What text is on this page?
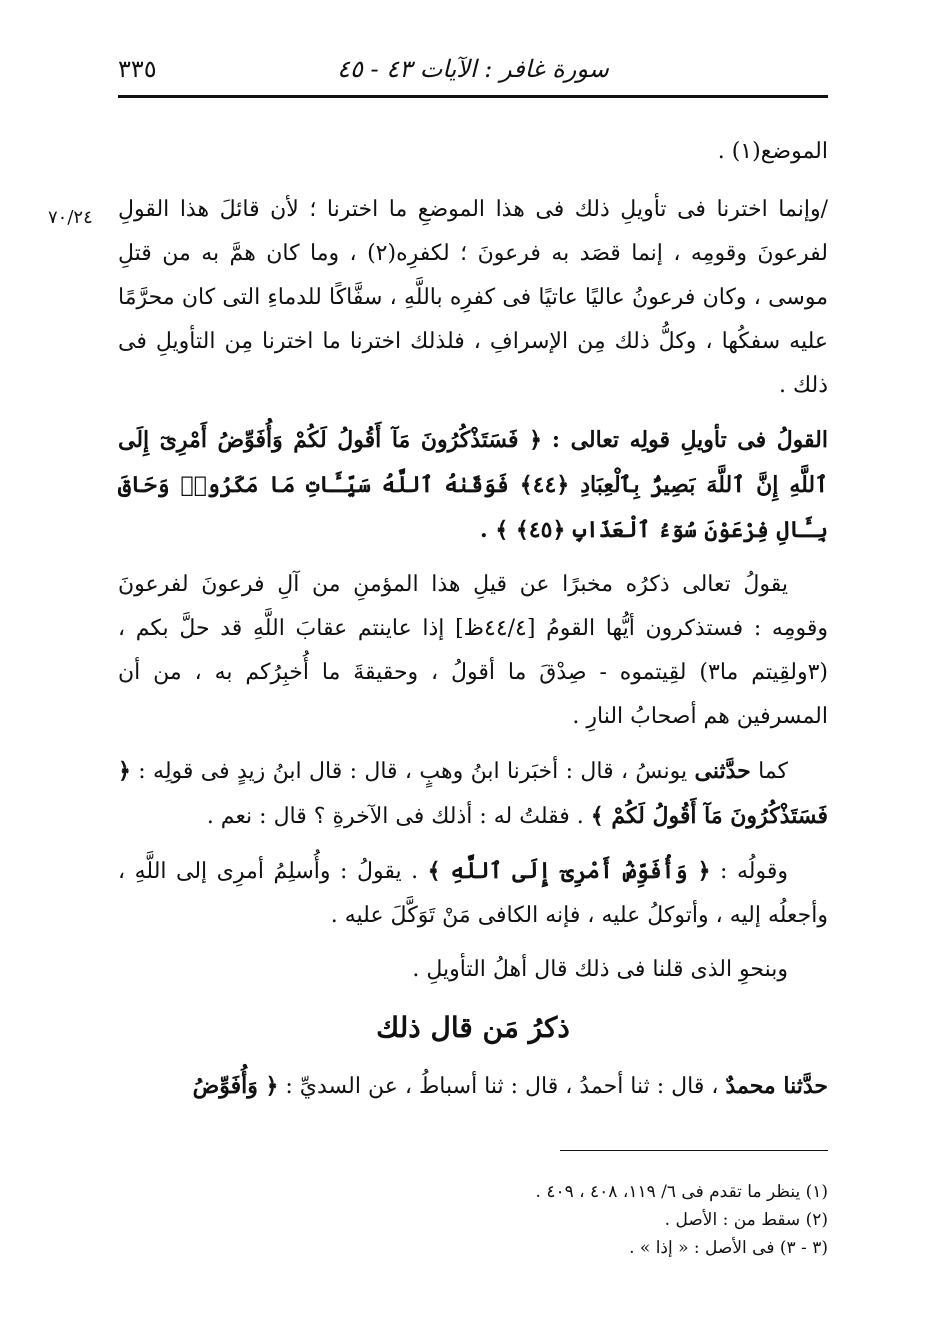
٣٣٥	سورة غافر : الآيات ٤٣ - ٤٥
٧٠/٢٤

الموضع(١) .

/وإنما اخترنا فى تأويلِ ذلك فى هذا الموضعِ ما اخترنا ؛ لأن قائلَ هذا القولِ لفرعونَ وقومِه ، إنما قصَد به فرعونَ ؛ لكفرِه(٢) ، وما كان همَّ به من قتلِ موسى ، وكان فرعونُ عاليًا عاتيًا فى كفرِه باللَّهِ ، سفَّاكًا للدماءِ التى كان محرَّمًا عليه سفكُها ، وكلُّ ذلك مِن الإسرافِ ، فلذلك اخترنا ما اخترنا مِن التأويلِ فى ذلك .

القولُ فى تأويلِ قولِه تعالى : ﴿ فَسَتَذْكُرُونَ مَآ أَقُولُ لَكُمْ وَأُفَوِّضُ أَمْرِىٓ إِلَى ٱللَّهِ إِنَّ ٱللَّهَ بَصِيرٌۢ بِٱلْعِبَادِ ﴿٤٤﴾ فَوَقَىٰهُ ٱللَّهُ سَيِّـَٔاتِ مَا مَكَرُوا۟ وَحَاقَ بِـَٔالِ فِرْعَوْنَ سُوٓءُ ٱلْعَذَابِ ﴿٤٥﴾ ﴾ .

يقولُ تعالى ذكرُه مخبرًا عن قيلِ هذا المؤمنِ من آلِ فرعونَ لفرعونَ وقومِه : فستذكرون أيُّها القومُ [٤٤/٤ظ] إذا عاينتم عقابَ اللَّهِ قد حلَّ بكم ، (٣ولقِيتم ما٣) لقِيتموه - صِدْقَ ما أقولُ ، وحقيقةَ ما أُخبِرُكم به ، من أن المسرفين هم أصحابُ النارِ .

كما حدَّثنى يونسُ ، قال : أخبَرنا ابنُ وهبٍ ، قال : قال ابنُ زيدٍ فى قولِه : ﴿ فَسَتَذْكُرُونَ مَآ أَقُولُ لَكُمْ ﴾ . فقلتُ له : أذلك فى الآخرةِ ؟ قال : نعم .

وقولُه : ﴿ وَأُفَوِّضُ أَمْرِىٓ إِلَى ٱللَّهِ ﴾ . يقولُ : وأُسلِمُ أمرِى إلى اللَّهِ ، وأجعلُه إليه ، وأتوكلُ عليه ، فإنه الكافى مَنْ تَوَكَّلَ عليه .

وبنحوِ الذى قلنا فى ذلك قال أهلُ التأويلِ .

ذكرُ مَن قال ذلك

حدَّثنا محمدٌ ، قال : ثنا أحمدُ ، قال : ثنا أسباطُ ، عن السديِّ : ﴿ وَأُفَوِّضُ

(١) ينظر ما تقدم فى ٦/ ١١٩، ٤٠٨ ، ٤٠٩ .
(٢) سقط من : الأصل .
(٣ - ٣) فى الأصل : « إذا » .
